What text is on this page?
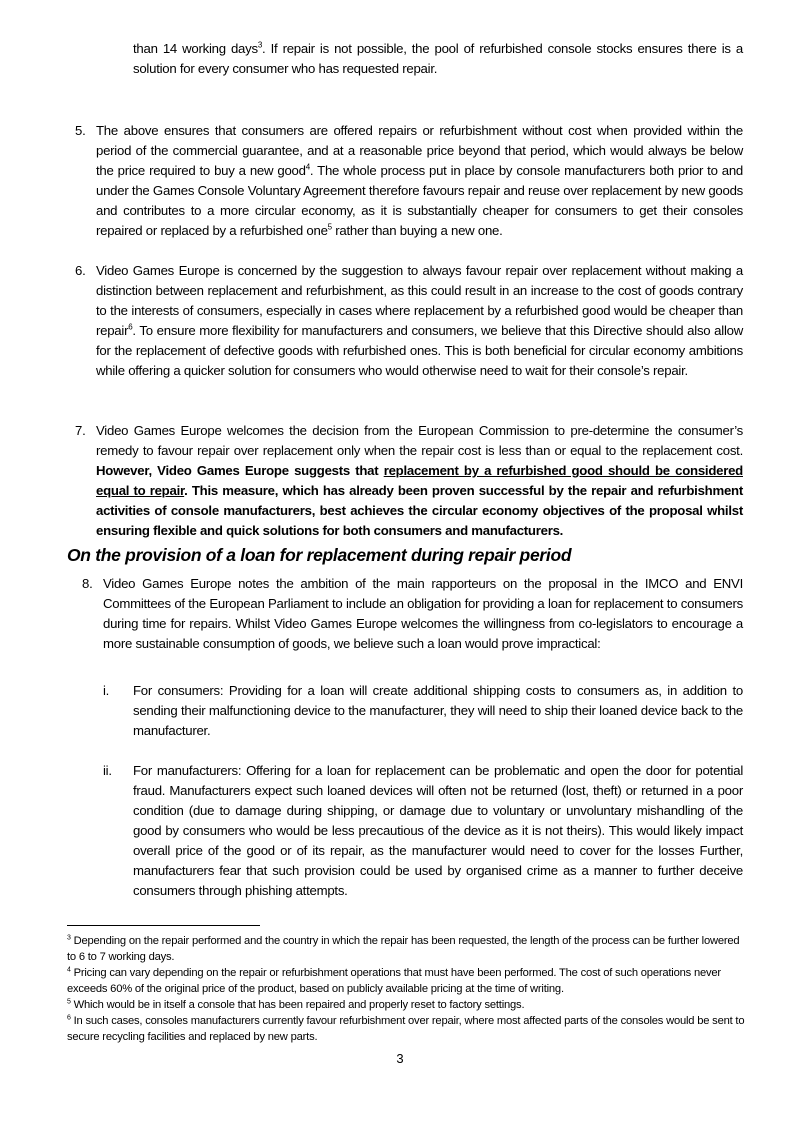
than 14 working days$^3$. If repair is not possible, the pool of refurbished console stocks ensures there is a solution for every consumer who has requested repair.
5. The above ensures that consumers are offered repairs or refurbishment without cost when provided within the period of the commercial guarantee, and at a reasonable price beyond that period, which would always be below the price required to buy a new good$^4$. The whole process put in place by console manufacturers both prior to and under the Games Console Voluntary Agreement therefore favours repair and reuse over replacement by new goods and contributes to a more circular economy, as it is substantially cheaper for consumers to get their consoles repaired or replaced by a refurbished one$^5$ rather than buying a new one.
6. Video Games Europe is concerned by the suggestion to always favour repair over replacement without making a distinction between replacement and refurbishment, as this could result in an increase to the cost of goods contrary to the interests of consumers, especially in cases where replacement by a refurbished good would be cheaper than repair$^6$. To ensure more flexibility for manufacturers and consumers, we believe that this Directive should also allow for the replacement of defective goods with refurbished ones. This is both beneficial for circular economy ambitions while offering a quicker solution for consumers who would otherwise need to wait for their console’s repair.
7. Video Games Europe welcomes the decision from the European Commission to pre-determine the consumer’s remedy to favour repair over replacement only when the repair cost is less than or equal to the replacement cost. However, Video Games Europe suggests that replacement by a refurbished good should be considered equal to repair. This measure, which has already been proven successful by the repair and refurbishment activities of console manufacturers, best achieves the circular economy objectives of the proposal whilst ensuring flexible and quick solutions for both consumers and manufacturers.
On the provision of a loan for replacement during repair period
8. Video Games Europe notes the ambition of the main rapporteurs on the proposal in the IMCO and ENVI Committees of the European Parliament to include an obligation for providing a loan for replacement to consumers during time for repairs. Whilst Video Games Europe welcomes the willingness from co-legislators to encourage a more sustainable consumption of goods, we believe such a loan would prove impractical:
i. For consumers: Providing for a loan will create additional shipping costs to consumers as, in addition to sending their malfunctioning device to the manufacturer, they will need to ship their loaned device back to the manufacturer.
ii. For manufacturers: Offering for a loan for replacement can be problematic and open the door for potential fraud. Manufacturers expect such loaned devices will often not be returned (lost, theft) or returned in a poor condition (due to damage during shipping, or damage due to voluntary or unvoluntary mishandling of the good by consumers who would be less precautious of the device as it is not theirs). This would likely impact overall price of the good or of its repair, as the manufacturer would need to cover for the losses Further, manufacturers fear that such provision could be used by organised crime as a manner to further deceive consumers through phishing attempts.
$^3$ Depending on the repair performed and the country in which the repair has been requested, the length of the process can be further lowered to 6 to 7 working days.
$^4$ Pricing can vary depending on the repair or refurbishment operations that must have been performed. The cost of such operations never exceeds 60% of the original price of the product, based on publicly available pricing at the time of writing.
$^5$ Which would be in itself a console that has been repaired and properly reset to factory settings.
$^6$ In such cases, consoles manufacturers currently favour refurbishment over repair, where most affected parts of the consoles would be sent to secure recycling facilities and replaced by new parts.
3
